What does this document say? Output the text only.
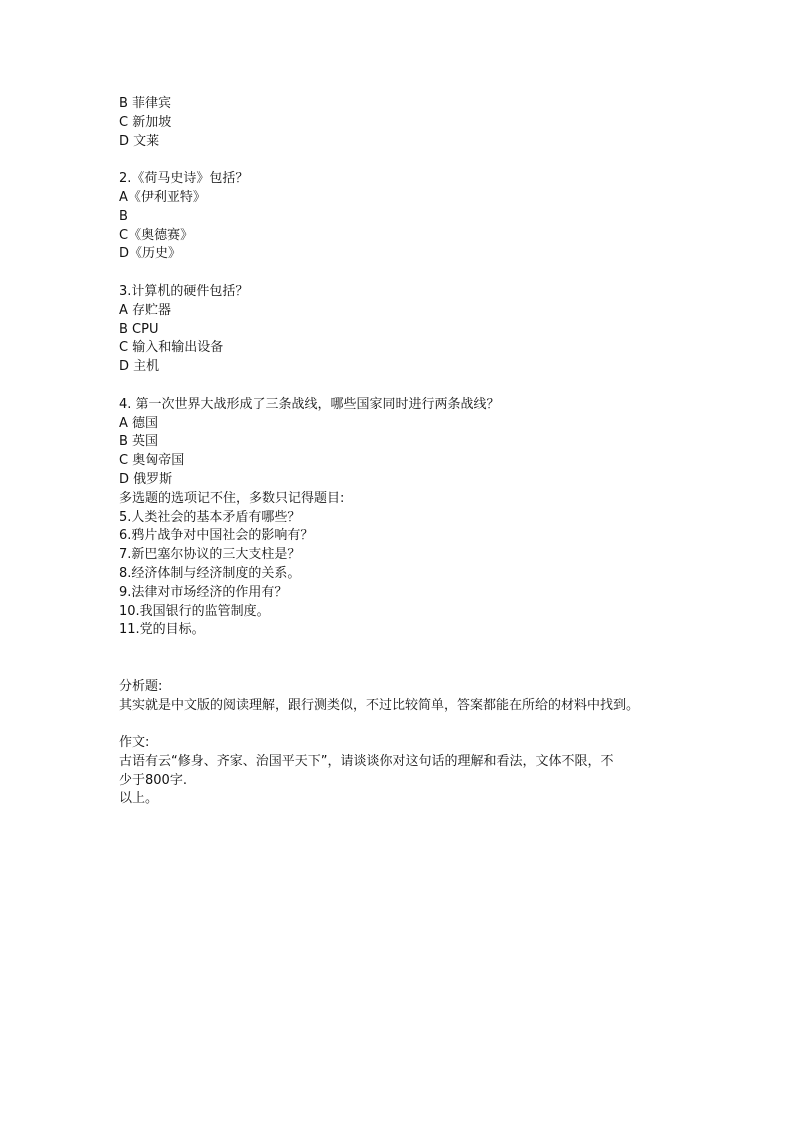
B 菲律宾
C 新加坡
D 文莱
2.《荷马史诗》包括？
A《伊利亚特》
B
C《奥德赛》
D《历史》
3.计算机的硬件包括？
A 存贮器
B CPU
C 输入和输出设备
D 主机
4. 第一次世界大战形成了三条战线，哪些国家同时进行两条战线？
A 德国
B 英国
C 奥匈帝国
D 俄罗斯
多选题的选项记不住，多数只记得题目:
5.人类社会的基本矛盾有哪些？
6.鸦片战争对中国社会的影响有？
7.新巴塞尔协议的三大支柱是？
8.经济体制与经济制度的关系。
9.法律对市场经济的作用有？
10.我国银行的监管制度。
11.党的目标。
分析题:
其实就是中文版的阅读理解，跟行测类似，不过比较简单，答案都能在所给的材料中找到。
作文:
古语有云“修身、齐家、治国平天下”，请谈谈你对这句话的理解和看法，文体不限，不
少于800字.
以上。
